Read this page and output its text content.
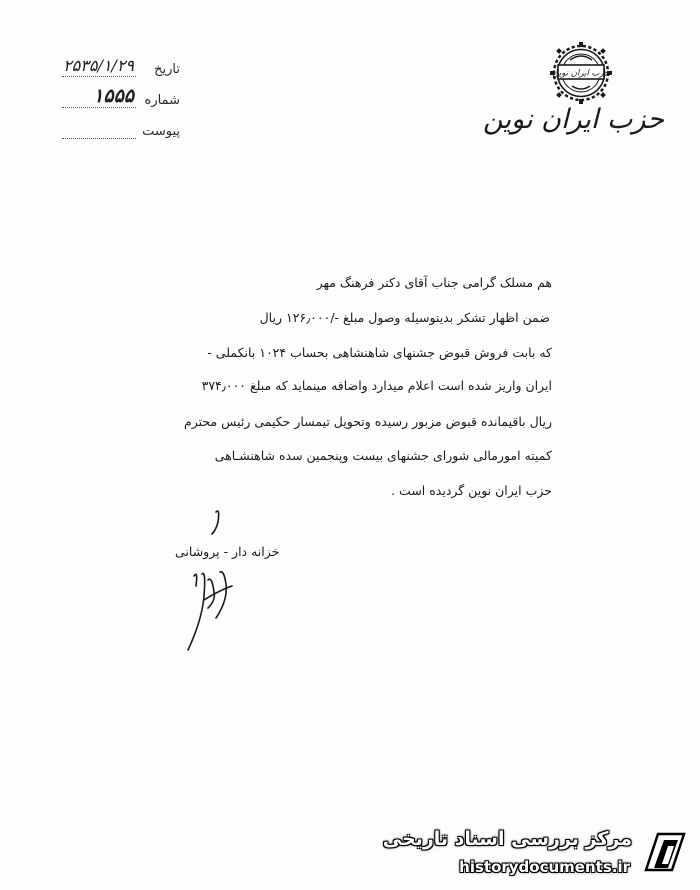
تاریخ
۲۵۳۵/۱/۲۹
شماره
۱۵۵۵
پیوست
حزب ایران نوین
حزب ایران نوین
هم مسلک گرامی جناب آقای دکتر فرهنگ مهر
ضمن اظهار تشکر بدینوسیله وصول مبلغ -/۱۲۶٫۰۰۰ ریال
که بابت فروش قبوض جشنهای شاهنشاهی بحساب ۱۰۲۴ بانکملی -
ایران واریز شده است اعلام میدارد واضافه مینماید که مبلغ ۳۷۴٫۰۰۰
ریال باقیمانده قبوض مزبور رسیده وتحویل تیمسار حکیمی رئیس محترم
کمیته امورمالی شورای جشنهای بیست وپنجمین سده شاهنشـاهی
حزب ایران نوین گردیده است .
خزانه دار - پروشانی
مرکز بررسی اسناد تاریخی
historydocuments.ir
